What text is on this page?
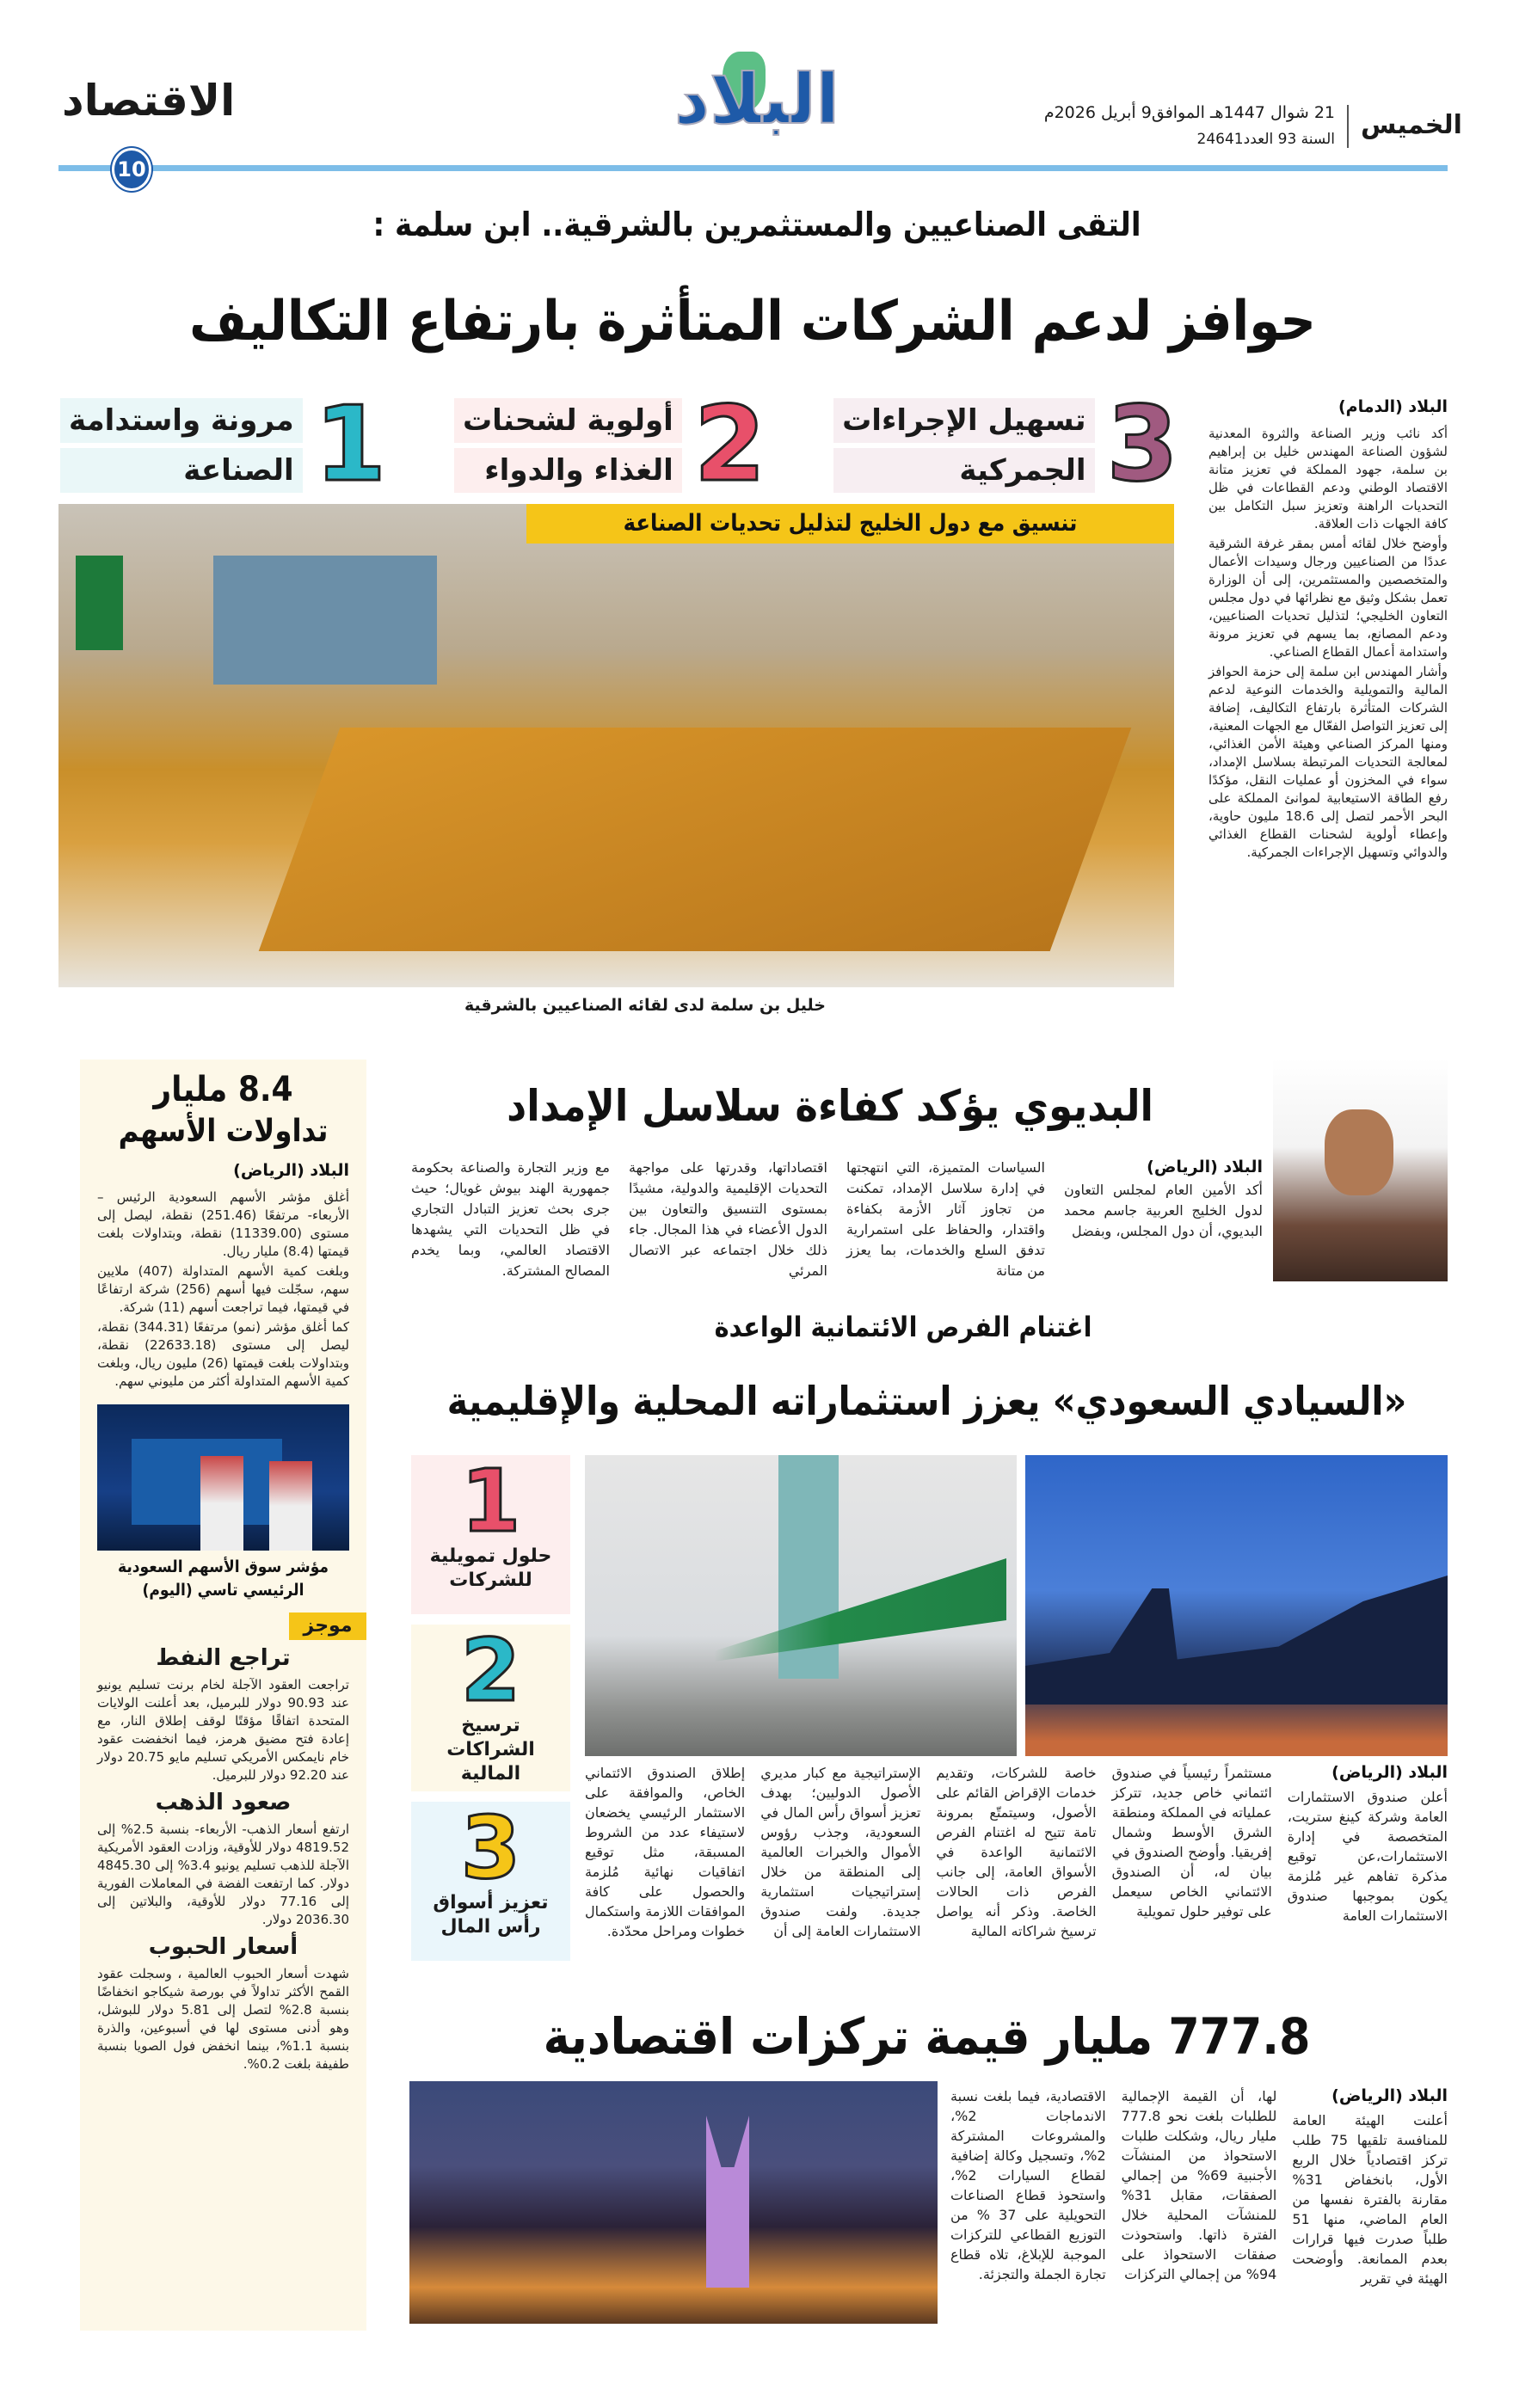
الاقتصاد	البلاد	الخميس
21 شوال 1447هـ الموافق9 أبريل 2026م
السنة 93 العدد24641
10
التقى الصناعيين والمستثمرين بالشرقية.. ابن سلمة :
حوافز لدعم الشركات المتأثرة بارتفاع التكاليف
3
تسهيل الإجراءات
الجمركية
2
أولوية لشحنات
الغذاء والدواء
1
مرونة واستدامة
الصناعة
تنسيق مع دول الخليج لتذليل تحديات الصناعة
خليل بن سلمة لدى لقائه الصناعيين بالشرقية
البلاد (الدمام)

أكد نائب وزير الصناعة والثروة المعدنية لشؤون الصناعة المهندس خليل بن إبراهيم بن سلمة، جهود المملكة في تعزيز متانة الاقتصاد الوطني ودعم القطاعات في ظل التحديات الراهنة وتعزيز سبل التكامل بين كافة الجهات ذات العلاقة.

وأوضح خلال لقائه أمس بمقر غرفة الشرقية عددًا من الصناعيين ورجال وسيدات الأعمال والمتخصصين والمستثمرين، إلى أن الوزارة تعمل بشكل وثيق مع نظرائها في دول مجلس التعاون الخليجي؛ لتذليل تحديات الصناعيين، ودعم المصانع، بما يسهم في تعزيز مرونة واستدامة أعمال القطاع الصناعي.

وأشار المهندس ابن سلمة إلى حزمة الحوافز المالية والتمويلية والخدمات النوعية لدعم الشركات المتأثرة بارتفاع التكاليف، إضافة إلى تعزيز التواصل الفعّال مع الجهات المعنية، ومنها المركز الصناعي وهيئة الأمن الغذائي، لمعالجة التحديات المرتبطة بسلاسل الإمداد، سواء في المخزون أو عمليات النقل، مؤكدًا رفع الطاقة الاستيعابية لموانئ المملكة على البحر الأحمر لتصل إلى 18.6 مليون حاوية، وإعطاء أولوية لشحنات القطاع الغذائي والدوائي وتسهيل الإجراءات الجمركية.

8.4 مليار
تداولات الأسهم
البلاد (الرياض)

أغلق مؤشر الأسهم السعودية الرئيس – الأربعاء- مرتفعًا (251.46) نقطة، ليصل إلى مستوى (11339.00) نقطة، وبتداولات بلغت قيمتها (8.4) مليار ريال.

وبلغت كمية الأسهم المتداولة (407) ملايين سهم، سجّلت فيها أسهم (256) شركة ارتفاعًا في قيمتها، فيما تراجعت أسهم (11) شركة.

كما أغلق مؤشر (نمو) مرتفعًا (344.31) نقطة، ليصل إلى مستوى (22633.18) نقطة، وبتداولات بلغت قيمتها (26) مليون ريال، وبلغت كمية الأسهم المتداولة أكثر من مليوني سهم.

مؤشر سوق الأسهم السعودية الرئيسي تاسي (اليوم)
موجز
تراجع النفط
تراجعت العقود الآجلة لخام برنت تسليم يونيو عند 90.93 دولار للبرميل، بعد أعلنت الولايات المتحدة اتفاقًا مؤقتًا لوقف إطلاق النار، مع إعادة فتح مضيق هرمز، فيما انخفضت عقود خام نايمكس الأمريكي تسليم مايو 20.75 دولار عند 92.20 دولار للبرميل.
صعود الذهب
ارتفع أسعار الذهب- الأربعاء- بنسبة 2.5% إلى 4819.52 دولار للأوقية، وزادت العقود الأمريكية الآجلة للذهب تسليم يونيو 3.4% إلى 4845.30 دولار. كما ارتفعت الفضة في المعاملات الفورية إلى 77.16 دولار للأوقية، والبلاتين إلى 2036.30 دولار.
أسعار الحبوب
شهدت أسعار الحبوب العالمية ، وسجلت عقود القمح الأكثر تداولاً في بورصة شيكاجو انخفاضًا بنسبة 2.8% لتصل إلى 5.81 دولار للبوشل، وهو أدنى مستوى لها في أسبوعين، والذرة بنسبة 1.1%، بينما انخفض فول الصويا بنسبة طفيفة بلغت 0.2%.
البديوي يؤكد كفاءة سلاسل الإمداد
البلاد (الرياض)
أكد الأمين العام لمجلس التعاون لدول الخليج العربية جاسم محمد البديوي، أن دول المجلس، وبفضل
السياسات المتميزة، التي انتهجتها في إدارة سلاسل الإمداد، تمكنت من تجاوز آثار الأزمة بكفاءة واقتدار، والحفاظ على استمرارية تدفق السلع والخدمات، بما يعزز من متانة
اقتصاداتها، وقدرتها على مواجهة التحديات الإقليمية والدولية، مشيدًا بمستوى التنسيق والتعاون بين الدول الأعضاء في هذا المجال. جاء ذلك خلال اجتماعه عبر الاتصال المرئي
مع وزير التجارة والصناعة بحكومة جمهورية الهند بيوش غويال؛ حيث جرى بحث تعزيز التبادل التجاري في ظل التحديات التي يشهدها الاقتصاد العالمي، وبما يخدم المصالح المشتركة.
اغتنام الفرص الائتمانية الواعدة
«السيادي السعودي» يعزز استثماراته المحلية والإقليمية
1
حلول تمويلية للشركات
2
ترسيخ الشراكات المالية
3
تعزيز أسواق رأس المال
البلاد (الرياض)
أعلن صندوق الاستثمارات العامة وشركة كينغ ستريت، المتخصصة في إدارة الاستثمارات،عن توقيع مذكرة تفاهم غير مُلزمة يكون بموجبها صندوق الاستثمارات العامة
مستثمراً رئيسياً في صندوق ائتماني خاص جديد، تتركز عملياته في المملكة ومنطقة الشرق الأوسط وشمال إفريقيا. وأوضح الصندوق في بيان له، أن الصندوق الائتماني الخاص سيعمل على توفير حلول تمويلية
خاصة للشركات، وتقديم خدمات الإقراض القائم على الأصول، وسيتمتّع بمرونة تامة تتيح له اغتنام الفرص الائتمانية الواعدة في الأسواق العامة، إلى جانب الفرص ذات الحالات الخاصة. وذكر أنه يواصل ترسيخ شراكاته المالية
الإستراتيجية مع كبار مديري الأصول الدوليين؛ بهدف تعزيز أسواق رأس المال في السعودية، وجذب رؤوس الأموال والخبرات العالمية إلى المنطقة من خلال إستراتيجيات استثمارية جديدة. ولفت صندوق الاستثمارات العامة إلى أن
إطلاق الصندوق الائتماني الخاص، والموافقة على الاستثمار الرئيسي يخضعان لاستيفاء عدد من الشروط المسبقة، مثل توقيع اتفاقيات نهائية مُلزمة والحصول على كافة الموافقات اللازمة واستكمال خطوات ومراحل محدّدة.
777.8 مليار قيمة تركزات اقتصادية
البلاد (الرياض)
أعلنت الهيئة العامة للمنافسة تلقيها 75 طلب تركز اقتصادياً خلال الربع الأول، بانخفاض 31% مقارنة بالفترة نفسها من العام الماضي، منها 51 طلباً صدرت فيها قرارات بعدم الممانعة. وأوضحت الهيئة في تقرير
لها، أن القيمة الإجمالية للطلبات بلغت نحو 777.8 مليار ريال، وشكلت طلبات الاستحواذ من المنشآت الأجنبية 69% من إجمالي الصفقات، مقابل 31% للمنشآت المحلية خلال الفترة ذاتها. واستحوذت صفقات الاستحواذ على 94% من إجمالي التركزات
الاقتصادية، فيما بلغت نسبة الاندماجات 2%، والمشروعات المشتركة 2%، وتسجيل وكالة إضافية لقطاع السيارات 2%، واستحوذ قطاع الصناعات التحويلية على 37 % من التوزيع القطاعي للتركزات الموجبة للإبلاغ، تلاه قطاع تجارة الجملة والتجزئة.
